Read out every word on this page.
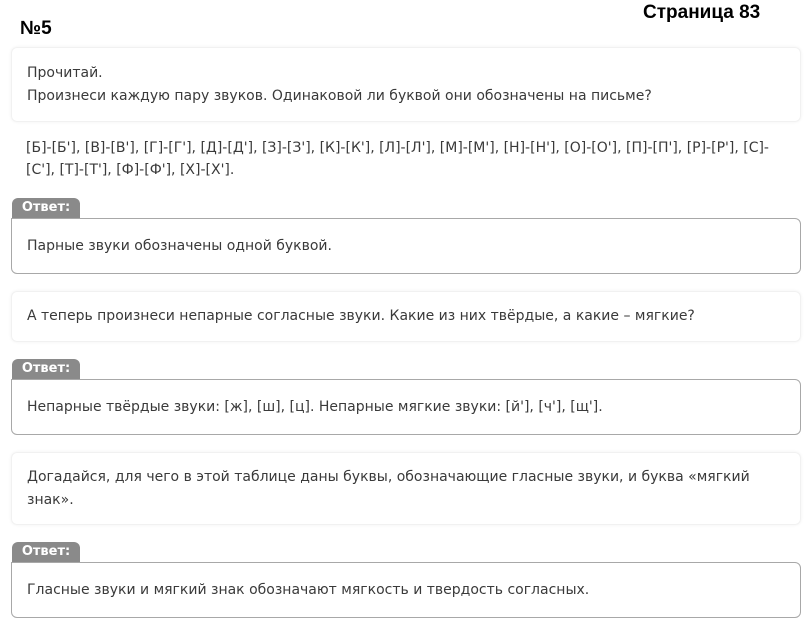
Страница 83
№5

Прочитай.

Произнеси каждую пару звуков. Одинаковой ли буквой они обозначены на письме?

[Б]-[Б'], [В]-[В'], [Г]-[Г'], [Д]-[Д'], [З]-[З'], [К]-[К'], [Л]-[Л'], [М]-[М'], [Н]-[Н'], [О]-[О'], [П]-[П'], [Р]-[Р'], [С]-

[С'], [Т]-[Т'], [Ф]-[Ф'], [Х]-[Х'].

Ответ:
Парные звуки обозначены одной буквой.

А теперь произнеси непарные согласные звуки. Какие из них твёрдые, а какие – мягкие?

Ответ:
Непарные твёрдые звуки: [ж], [ш], [ц]. Непарные мягкие звуки: [й'], [ч'], [щ'].

Догадайся, для чего в этой таблице даны буквы, обозначающие гласные звуки, и буква «мягкий

знак».

Ответ:
Гласные звуки и мягкий знак обозначают мягкость и твердость согласных.
